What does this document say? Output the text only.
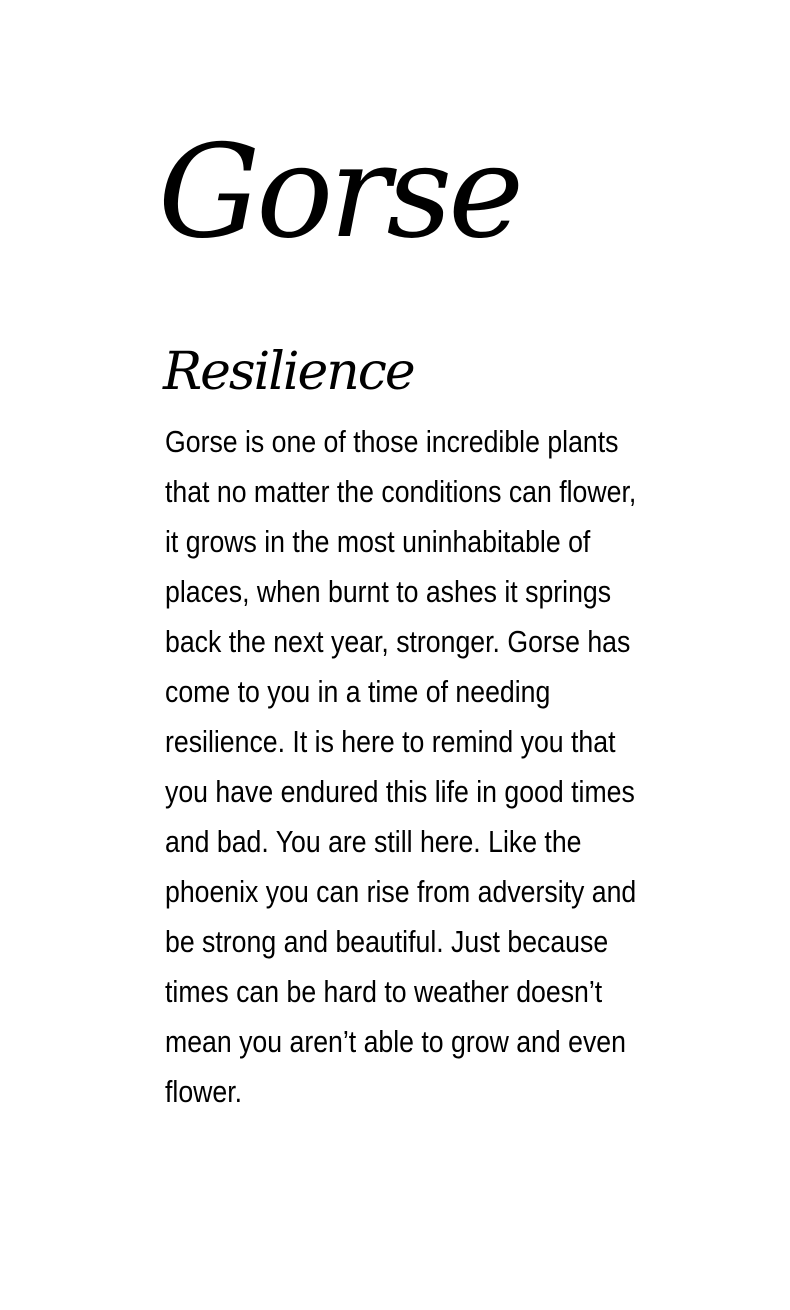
Gorse
Resilience

Gorse is one of those incredible plants
that no matter the conditions can flower,
it grows in the most uninhabitable of
places, when burnt to ashes it springs
back the next year, stronger. Gorse has
come to you in a time of needing
resilience. It is here to remind you that
you have endured this life in good times
and bad. You are still here. Like the
phoenix you can rise from adversity and
be strong and beautiful. Just because
times can be hard to weather doesn’t
mean you aren’t able to grow and even
flower.
